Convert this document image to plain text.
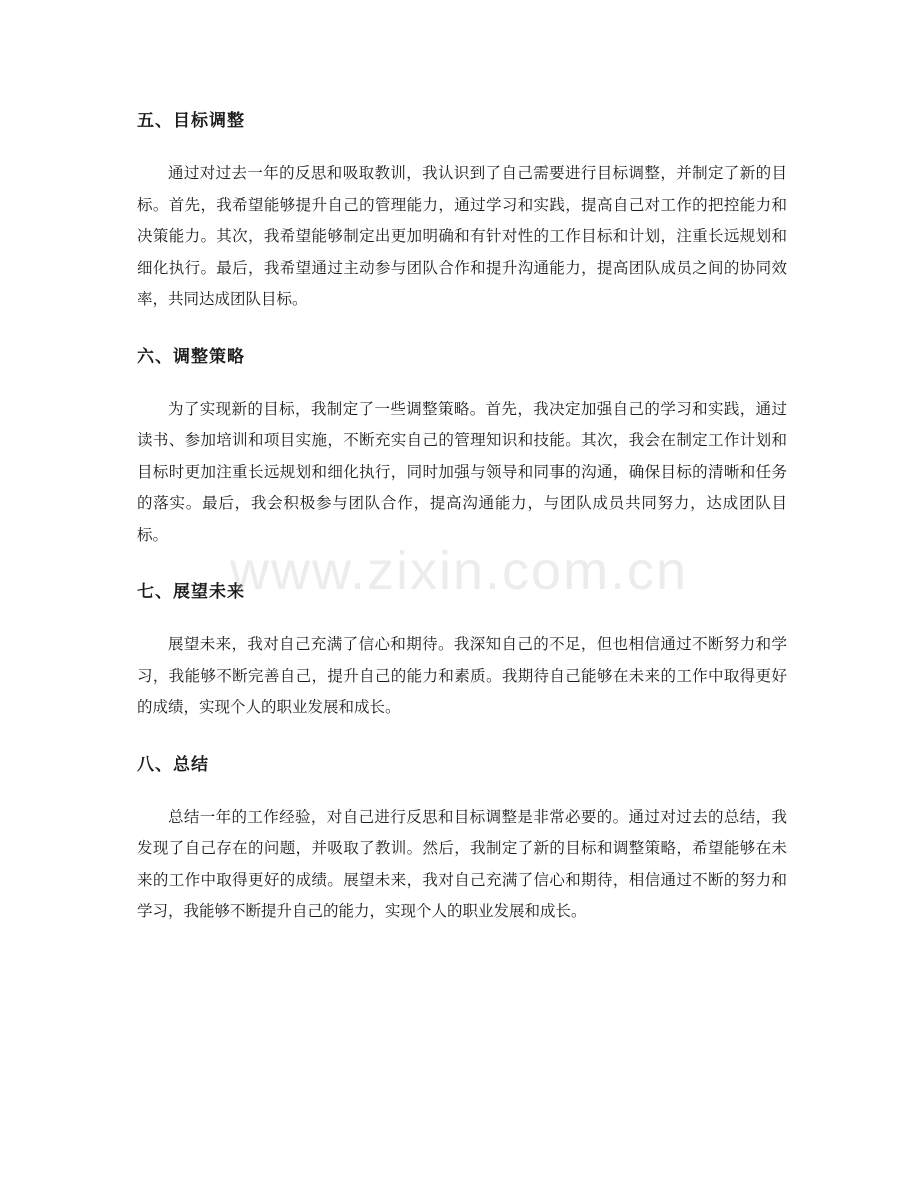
五、目标调整

通过对过去一年的反思和吸取教训，我认识到了自己需要进行目标调整，并制定了新的目标。首先，我希望能够提升自己的管理能力，通过学习和实践，提高自己对工作的把控能力和决策能力。其次，我希望能够制定出更加明确和有针对性的工作目标和计划，注重长远规划和细化执行。最后，我希望通过主动参与团队合作和提升沟通能力，提高团队成员之间的协同效率，共同达成团队目标。

六、调整策略

为了实现新的目标，我制定了一些调整策略。首先，我决定加强自己的学习和实践，通过读书、参加培训和项目实施，不断充实自己的管理知识和技能。其次，我会在制定工作计划和目标时更加注重长远规划和细化执行，同时加强与领导和同事的沟通，确保目标的清晰和任务的落实。最后，我会积极参与团队合作，提高沟通能力，与团队成员共同努力，达成团队目标。

七、展望未来

展望未来，我对自己充满了信心和期待。我深知自己的不足，但也相信通过不断努力和学习，我能够不断完善自己，提升自己的能力和素质。我期待自己能够在未来的工作中取得更好的成绩，实现个人的职业发展和成长。

八、总结

总结一年的工作经验，对自己进行反思和目标调整是非常必要的。通过对过去的总结，我发现了自己存在的问题，并吸取了教训。然后，我制定了新的目标和调整策略，希望能够在未来的工作中取得更好的成绩。展望未来，我对自己充满了信心和期待，相信通过不断的努力和学习，我能够不断提升自己的能力，实现个人的职业发展和成长。

www.zixin.com.cn
